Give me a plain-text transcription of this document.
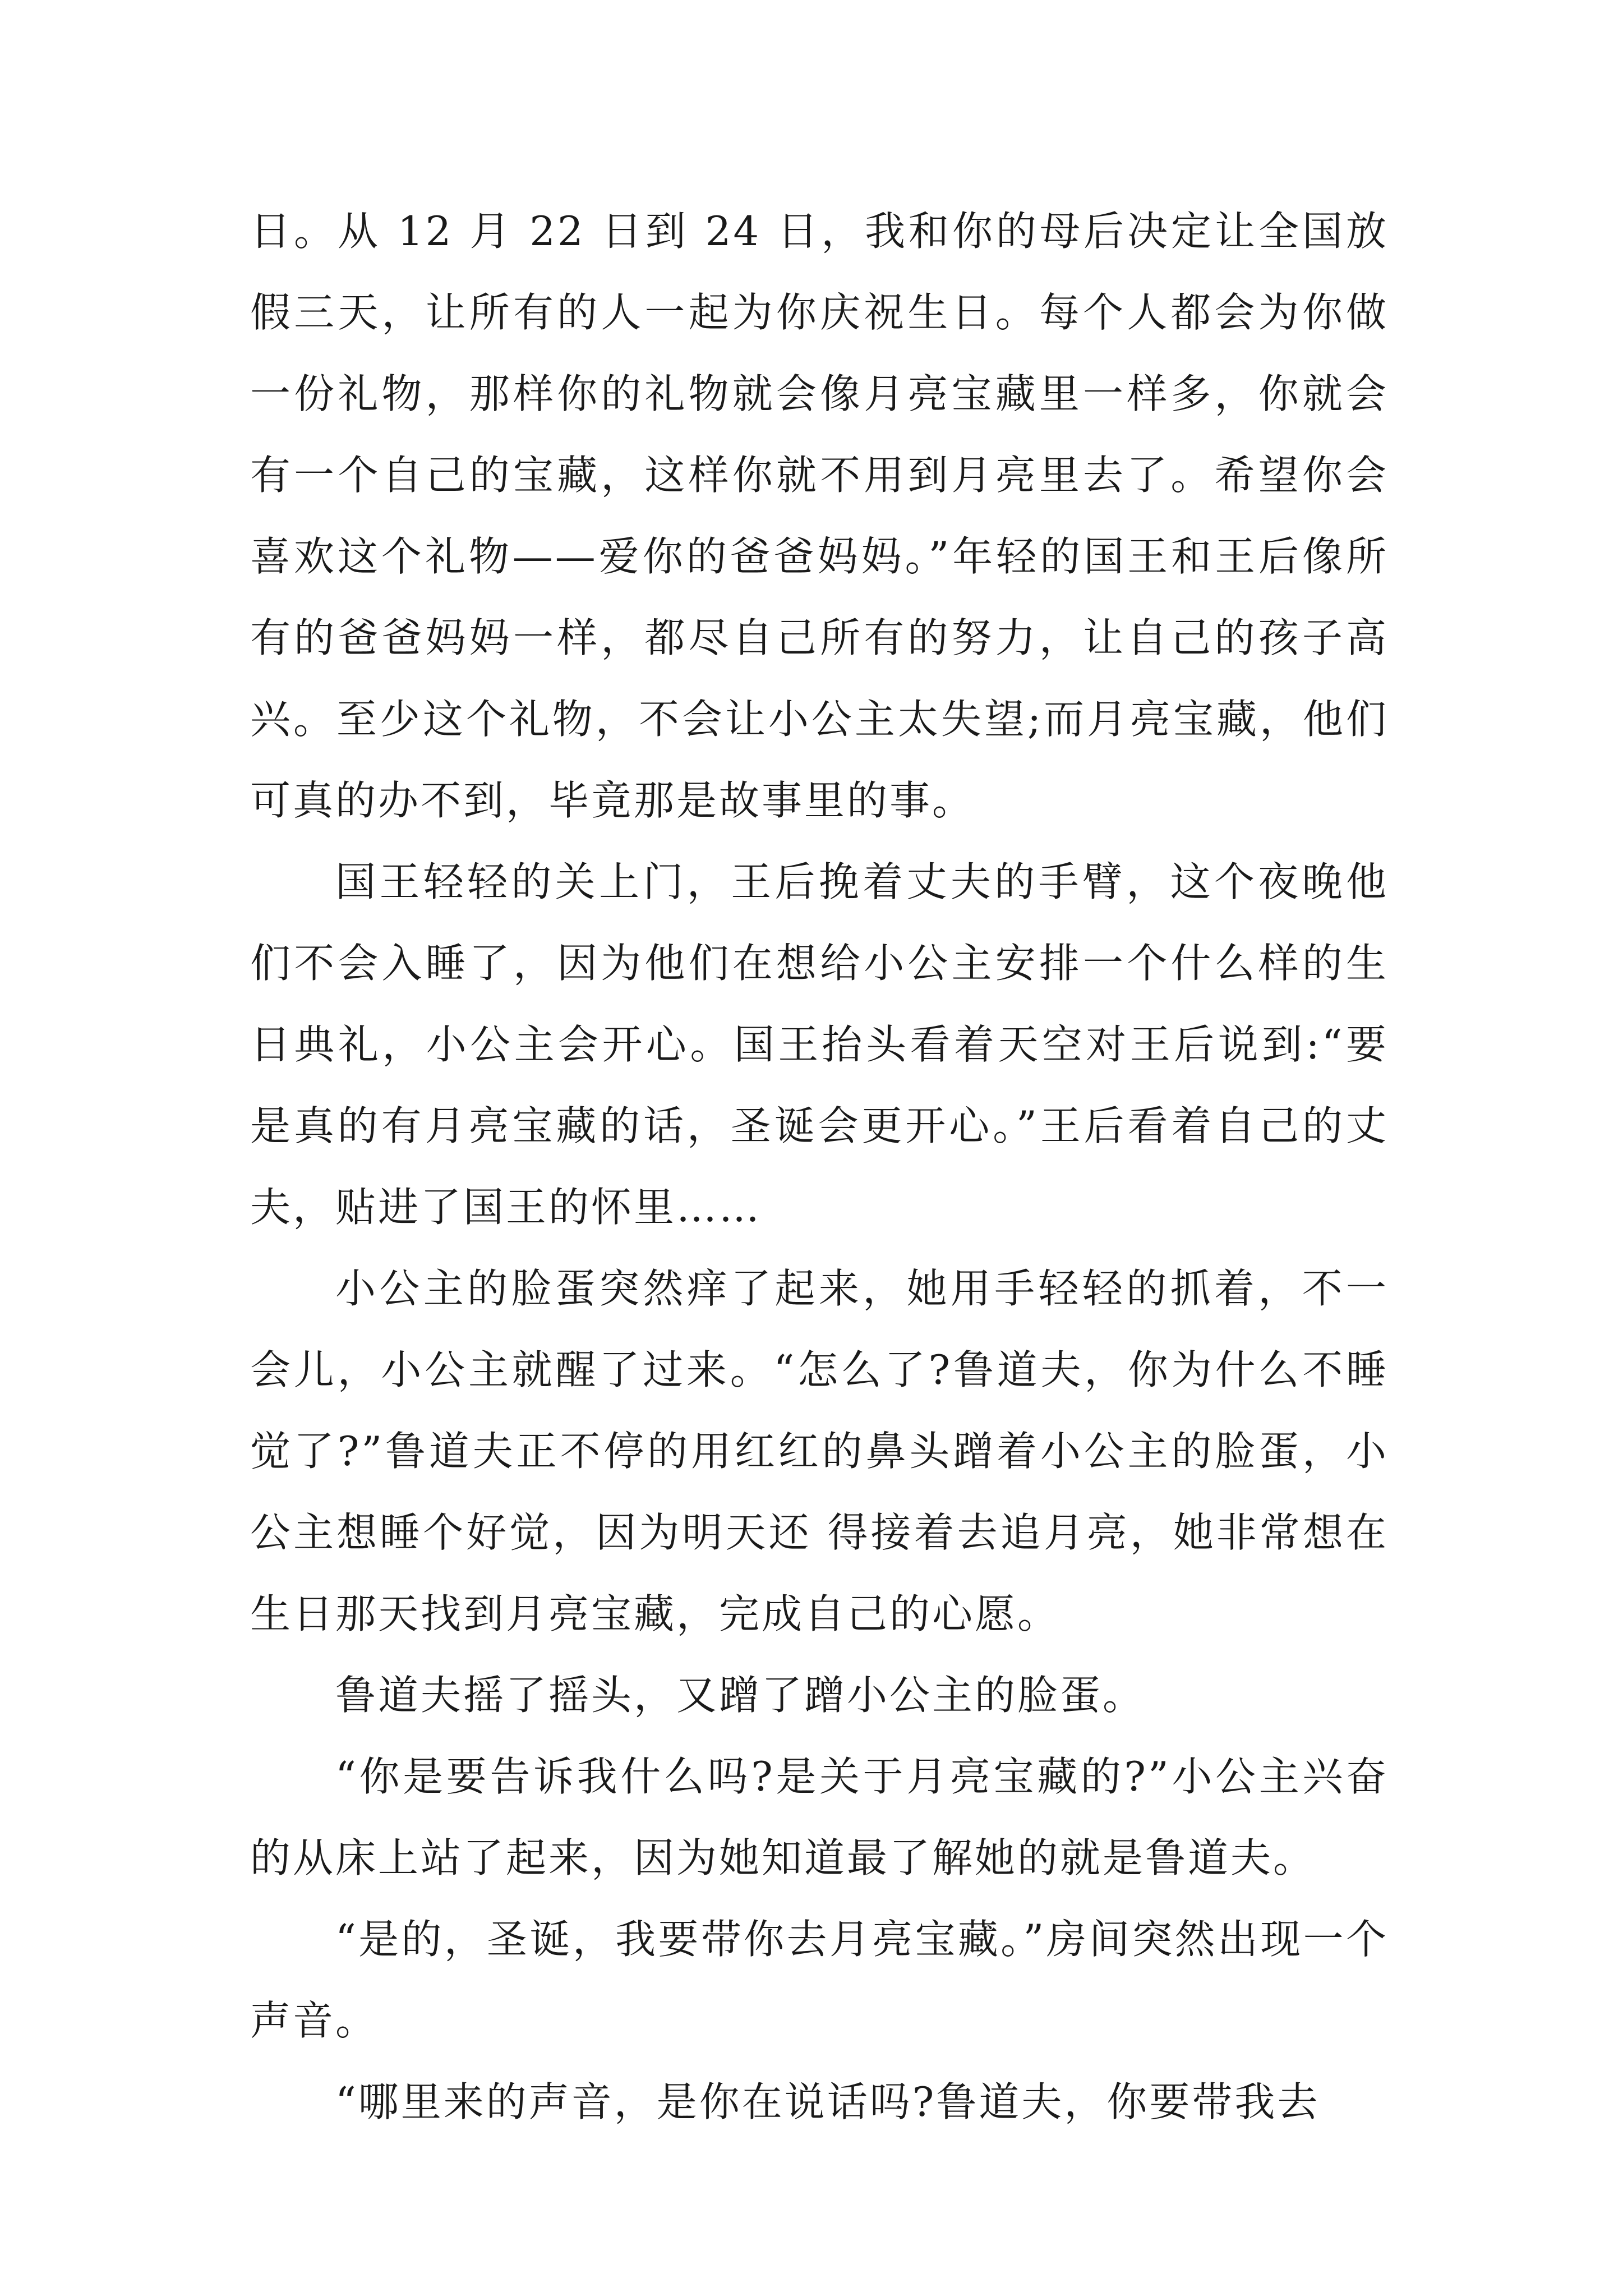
日。从 12 月 22 日到 24 日，我和你的母后决定让全国放假三天，让所有的人一起为你庆祝生日。每个人都会为你做一份礼物，那样你的礼物就会像月亮宝藏里一样多，你就会有一个自己的宝藏，这样你就不用到月亮里去了。希望你会喜欢这个礼物——爱你的爸爸妈妈。”年轻的国王和王后像所有的爸爸妈妈一样，都尽自己所有的努力，让自己的孩子高兴。至少这个礼物，不会让小公主太失望;而月亮宝藏，他们可真的办不到，毕竟那是故事里的事。

国王轻轻的关上门，王后挽着丈夫的手臂，这个夜晚他们不会入睡了，因为他们在想给小公主安排一个什么样的生日典礼，小公主会开心。国王抬头看着天空对王后说到:“要是真的有月亮宝藏的话，圣诞会更开心。”王后看着自己的丈夫，贴进了国王的怀里……

小公主的脸蛋突然痒了起来，她用手轻轻的抓着，不一会儿，小公主就醒了过来。“怎么了?鲁道夫，你为什么不睡觉了?”鲁道夫正不停的用红红的鼻头蹭着小公主的脸蛋，小公主想睡个好觉，因为明天还 得接着去追月亮，她非常想在生日那天找到月亮宝藏，完成自己的心愿。

鲁道夫摇了摇头，又蹭了蹭小公主的脸蛋。

“你是要告诉我什么吗?是关于月亮宝藏的?”小公主兴奋的从床上站了起来，因为她知道最了解她的就是鲁道夫。

“是的，圣诞，我要带你去月亮宝藏。”房间突然出现一个声音。

“哪里来的声音，是你在说话吗?鲁道夫，你要带我去
